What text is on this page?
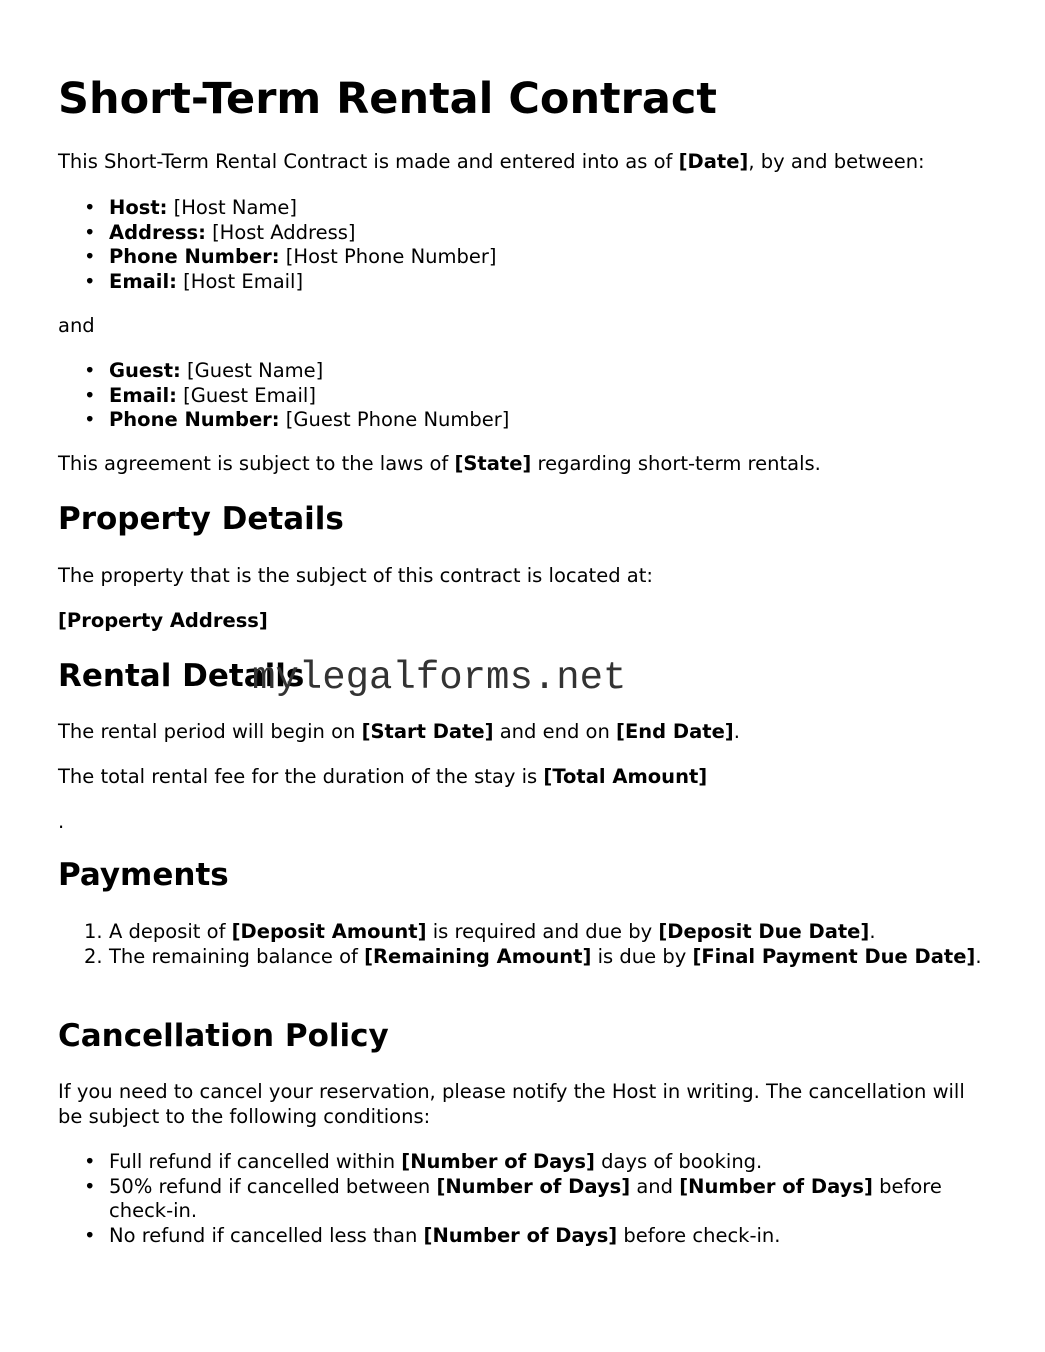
Short-Term Rental Contract

This Short-Term Rental Contract is made and entered into as of [Date], by and between:

• Host: [Host Name]
• Address: [Host Address]
• Phone Number: [Host Phone Number]
• Email: [Host Email]

and

• Guest: [Guest Name]
• Email: [Guest Email]
• Phone Number: [Guest Phone Number]

This agreement is subject to the laws of [State] regarding short-term rentals.

Property Details

The property that is the subject of this contract is located at:

[Property Address]

Rental Details

The rental period will begin on [Start Date] and end on [End Date].

The total rental fee for the duration of the stay is [Total Amount]

.

Payments
1. A deposit of [Deposit Amount] is required and due by [Deposit Due Date].
2. The remaining balance of [Remaining Amount] is due by [Final Payment Due Date].
Cancellation Policy

If you need to cancel your reservation, please notify the Host in writing. The cancellation will be subject to the following conditions:

• Full refund if cancelled within [Number of Days] days of booking.
• 50% refund if cancelled between [Number of Days] and [Number of Days] before check-in.
• No refund if cancelled less than [Number of Days] before check-in.
mylegalforms.net
